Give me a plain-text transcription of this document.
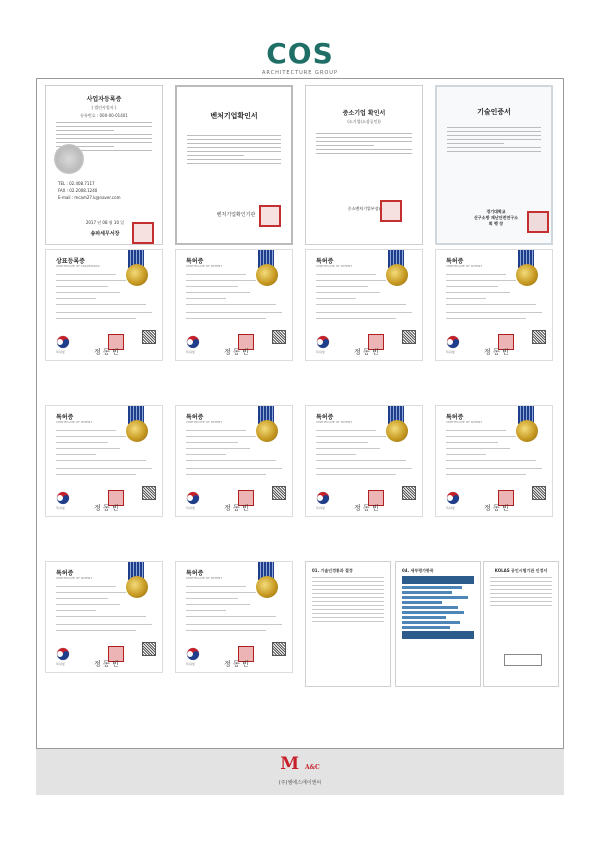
COS
ARCHITECTURE GROUP
사업자등록증
( 법인사업자 )
등록번호 : 000-00-01401
TEL : 02.408.7117
FAX : 02.2008.1240
E-mail : mcam27.k@naver.com
2017 년 08 월 10 일
송파세무서장
벤처기업확인서
벤처기업확인기관
중소기업 확인서
(소기업(소상공인))
중소벤처기업부장관
기술인증서
경기대학교
산구소방 재난안전연구소
회 행 장
상표등록증
CERTIFICATE OF TRADEMARK
정 동 빈
특허청
특허증
CERTIFICATE OF PATENT
정 동 빈
특허청
특허증
CERTIFICATE OF PATENT
정 동 빈
특허청
특허증
CERTIFICATE OF PATENT
정 동 빈
특허청
특허증
CERTIFICATE OF PATENT
정 동 빈
특허청
특허증
CERTIFICATE OF PATENT
정 동 빈
특허청
특허증
CERTIFICATE OF PATENT
정 동 빈
특허청
특허증
CERTIFICATE OF PATENT
정 동 빈
특허청
특허증
CERTIFICATE OF PATENT
정 동 빈
특허청
특허증
CERTIFICATE OF PATENT
정 동 빈
특허청
01. 기술인정통과 결정	04. 세부평가항목	KOLAS 공인시험기관 인정서
M A&C
(주)엠에스에이엔씨
